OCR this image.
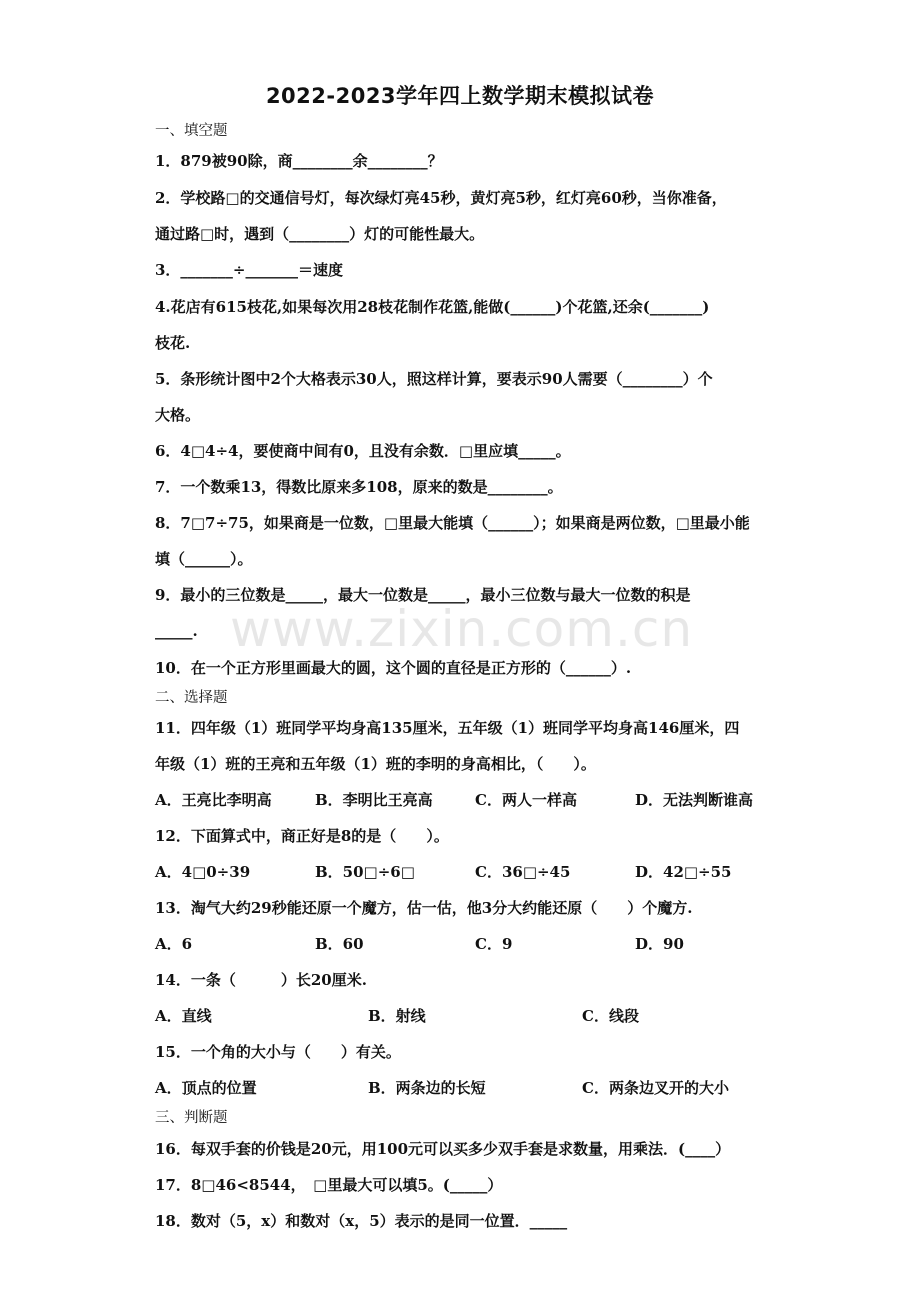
2022-2023学年四上数学期末模拟试卷
www.zixin.com.cn
一、填空题
1．879被90除，商________余________？
2．学校路□的交通信号灯，每次绿灯亮45秒，黄灯亮5秒，红灯亮60秒，当你准备，
通过路□时，遇到（________）灯的可能性最大。
3．_______÷_______＝速度
4.花店有615枝花,如果每次用28枝花制作花篮,能做(______)个花篮,还余(_______)
枝花.
5．条形统计图中2个大格表示30人，照这样计算，要表示90人需要（________）个
大格。
6．4□4÷4，要使商中间有0，且没有余数．□里应填_____。
7．一个数乘13，得数比原来多108，原来的数是________。
8．7□7÷75，如果商是一位数，□里最大能填（______）；如果商是两位数，□里最小能
填（______）。
9．最小的三位数是_____，最大一位数是_____，最小三位数与最大一位数的积是
_____.
10．在一个正方形里画最大的圆，这个圆的直径是正方形的（______）.
二、选择题
11．四年级（1）班同学平均身高135厘米，五年级（1）班同学平均身高146厘米，四
年级（1）班的王亮和五年级（1）班的李明的身高相比，（　　）。
A．王亮比李明高	B．李明比王亮高	C．两人一样高	D．无法判断谁高
12．下面算式中，商正好是8的是（　　）。
A．4□0÷39	B．50□÷6□	C．36□÷45	D．42□÷55
13．淘气大约29秒能还原一个魔方，估一估，他3分大约能还原（　　）个魔方.
A．6	B．60	C．9	D．90
14．一条（　　　）长20厘米.
A．直线	B．射线	C．线段
15．一个角的大小与（　　）有关。
A．顶点的位置	B．两条边的长短	C．两条边叉开的大小
三、判断题
16．每双手套的价钱是20元，用100元可以买多少双手套是求数量，用乘法．(____）
17．8□46<8544，　□里最大可以填5。(_____）
18．数对（5，x）和数对（x，5）表示的是同一位置．_____
